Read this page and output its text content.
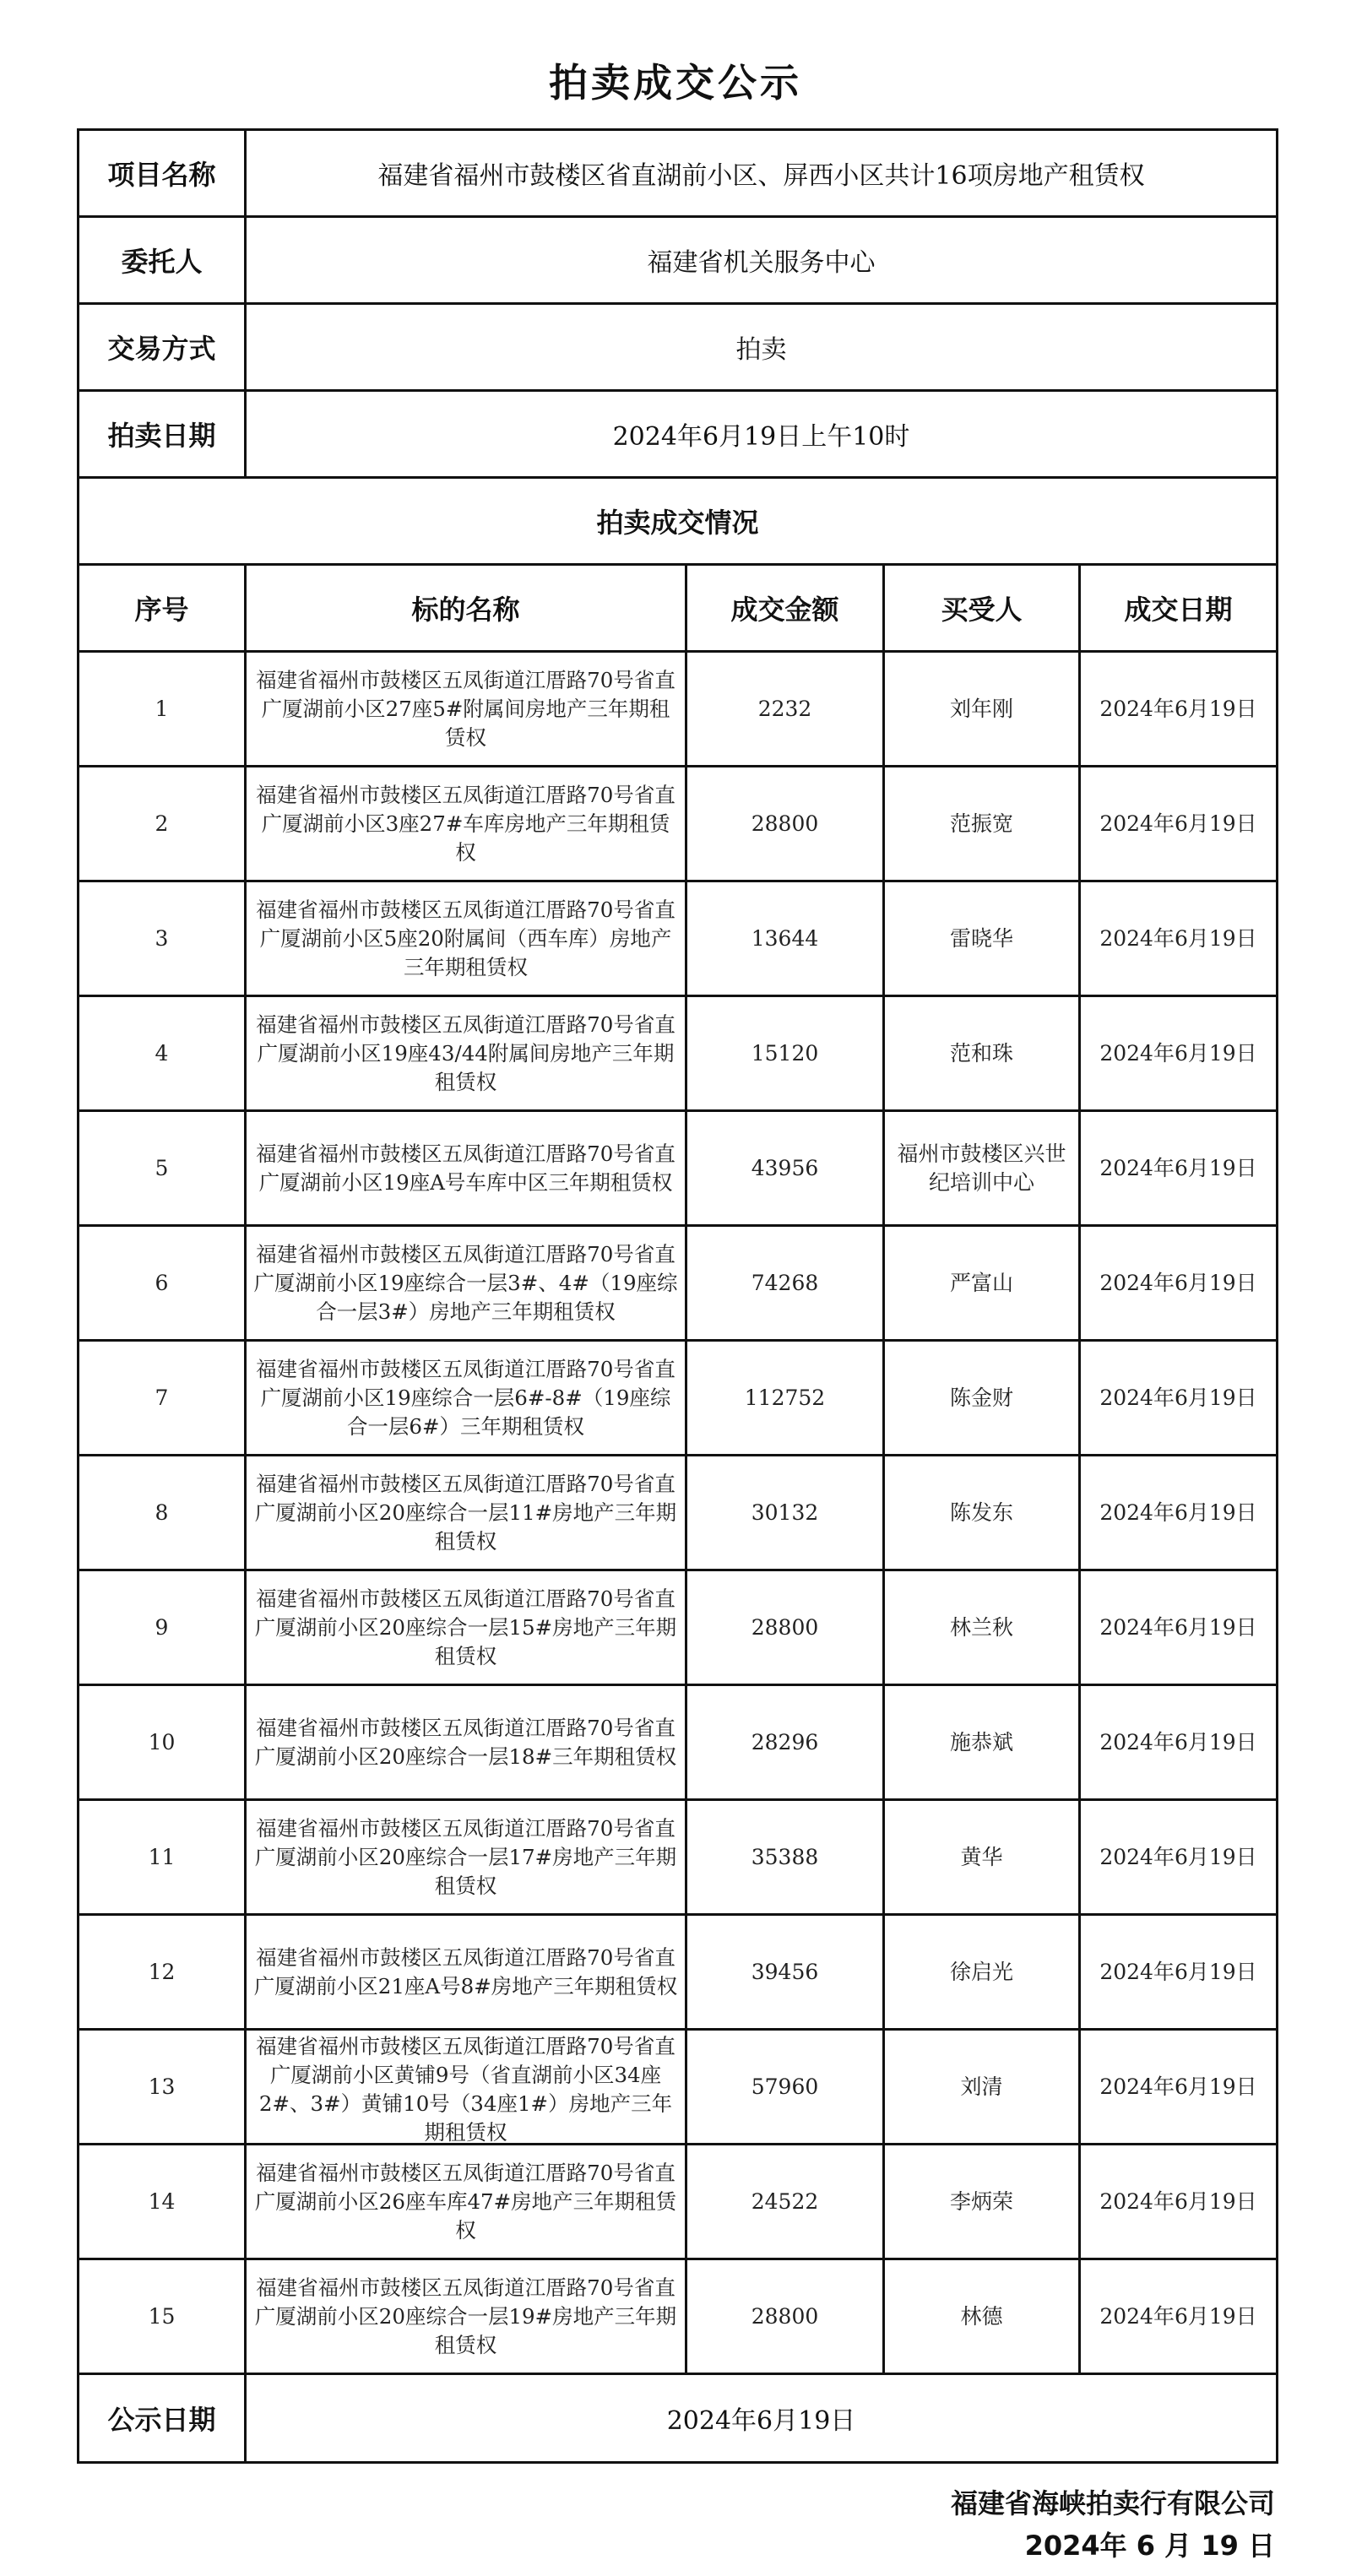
拍卖成交公示
项目名称	福建省福州市鼓楼区省直湖前小区、屏西小区共计16项房地产租赁权			
委托人	福建省机关服务中心			
交易方式	拍卖			
拍卖日期	2024年6月19日上午10时			
拍卖成交情况				
序号	标的名称	成交金额	买受人	成交日期
1	福建省福州市鼓楼区五凤街道江厝路70号省直广厦湖前小区27座5#附属间房地产三年期租赁权	2232	刘年刚	2024年6月19日
2	福建省福州市鼓楼区五凤街道江厝路70号省直广厦湖前小区3座27#车库房地产三年期租赁权	28800	范振宽	2024年6月19日
3	福建省福州市鼓楼区五凤街道江厝路70号省直广厦湖前小区5座20附属间（西车库）房地产三年期租赁权	13644	雷晓华	2024年6月19日
4	福建省福州市鼓楼区五凤街道江厝路70号省直广厦湖前小区19座43/44附属间房地产三年期租赁权	15120	范和珠	2024年6月19日
5	福建省福州市鼓楼区五凤街道江厝路70号省直广厦湖前小区19座A号车库中区三年期租赁权	43956	福州市鼓楼区兴世纪培训中心	2024年6月19日
6	福建省福州市鼓楼区五凤街道江厝路70号省直广厦湖前小区19座综合一层3#、4#（19座综合一层3#）房地产三年期租赁权	74268	严富山	2024年6月19日
7	福建省福州市鼓楼区五凤街道江厝路70号省直广厦湖前小区19座综合一层6#-8#（19座综合一层6#）三年期租赁权	112752	陈金财	2024年6月19日
8	福建省福州市鼓楼区五凤街道江厝路70号省直广厦湖前小区20座综合一层11#房地产三年期租赁权	30132	陈发东	2024年6月19日
9	福建省福州市鼓楼区五凤街道江厝路70号省直广厦湖前小区20座综合一层15#房地产三年期租赁权	28800	林兰秋	2024年6月19日
10	福建省福州市鼓楼区五凤街道江厝路70号省直广厦湖前小区20座综合一层18#三年期租赁权	28296	施恭斌	2024年6月19日
11	福建省福州市鼓楼区五凤街道江厝路70号省直广厦湖前小区20座综合一层17#房地产三年期租赁权	35388	黄华	2024年6月19日
12	福建省福州市鼓楼区五凤街道江厝路70号省直广厦湖前小区21座A号8#房地产三年期租赁权	39456	徐启光	2024年6月19日
13	福建省福州市鼓楼区五凤街道江厝路70号省直广厦湖前小区黄铺9号（省直湖前小区34座2#、3#）黄铺10号（34座1#）房地产三年期租赁权	57960	刘清	2024年6月19日
14	福建省福州市鼓楼区五凤街道江厝路70号省直广厦湖前小区26座车库47#房地产三年期租赁权	24522	李炳荣	2024年6月19日
15	福建省福州市鼓楼区五凤街道江厝路70号省直广厦湖前小区20座综合一层19#房地产三年期租赁权	28800	林德	2024年6月19日
公示日期	2024年6月19日			
福建省海峡拍卖行有限公司
2024年 6 月 19 日
